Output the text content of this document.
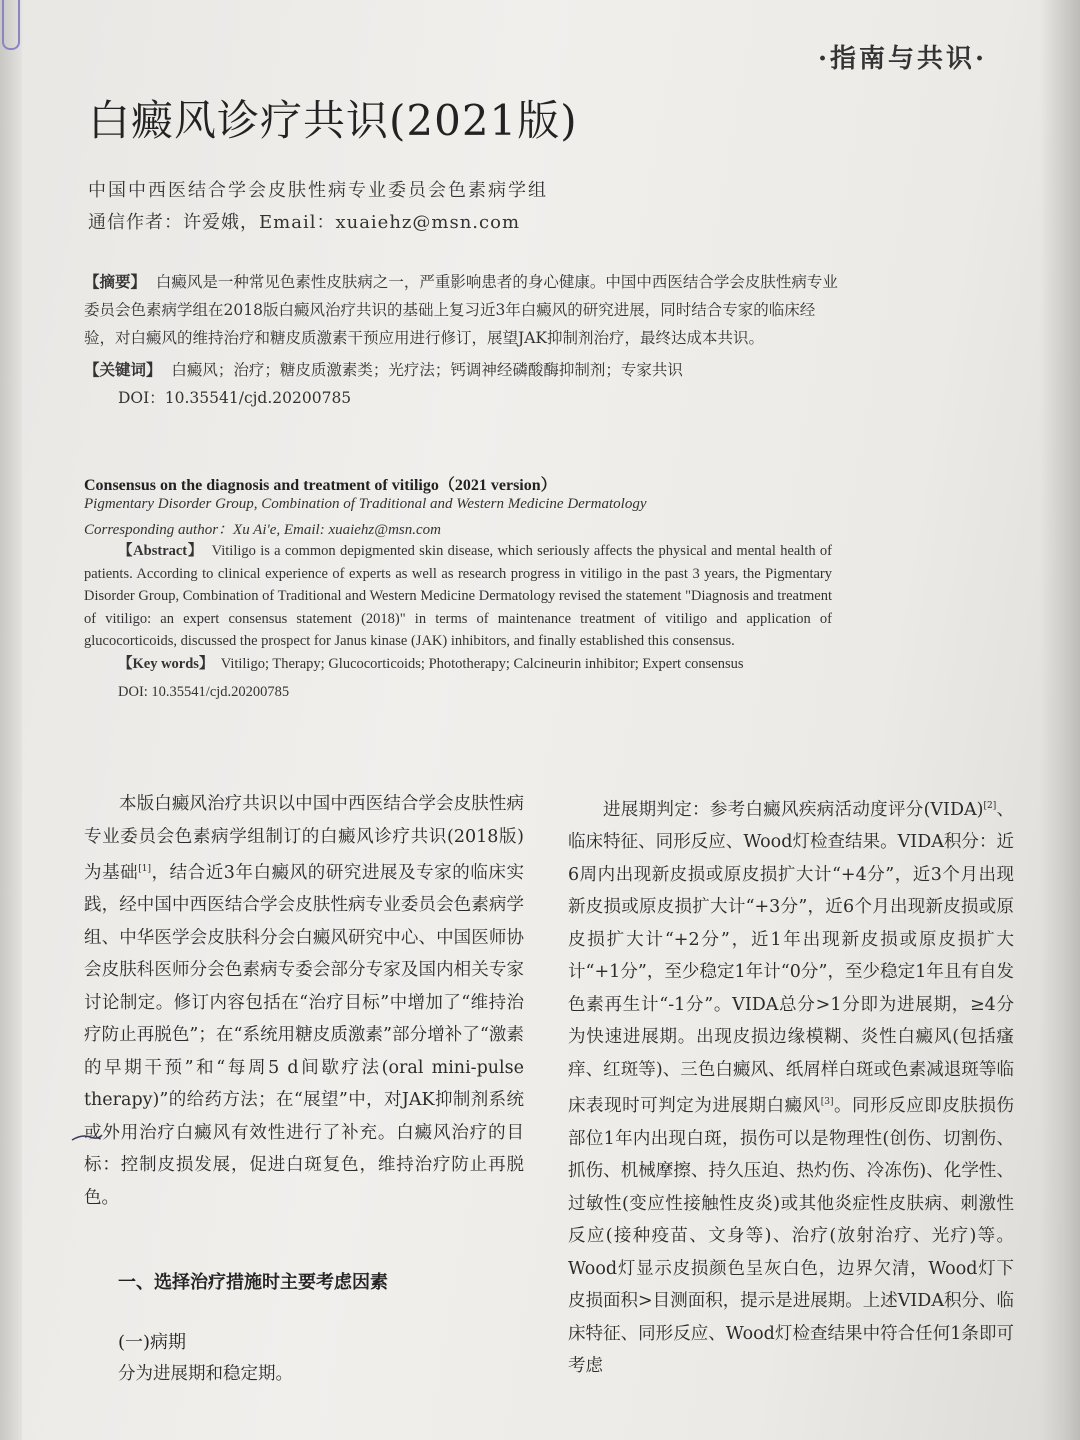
·指南与共识·
白癜风诊疗共识(2021版)
中国中西医结合学会皮肤性病专业委员会色素病学组
通信作者：许爱娥，Email：xuaiehz@msn.com

【摘要】 白癜风是一种常见色素性皮肤病之一，严重影响患者的身心健康。中国中西医结合学会皮肤性病专业委员会色素病学组在2018版白癜风治疗共识的基础上复习近3年白癜风的研究进展，同时结合专家的临床经验，对白癜风的维持治疗和糖皮质激素干预应用进行修订，展望JAK抑制剂治疗，最终达成本共识。

【关键词】 白癜风；治疗；糖皮质激素类；光疗法；钙调神经磷酸酶抑制剂；专家共识

DOI：10.35541/cjd.20200785

Consensus on the diagnosis and treatment of vitiligo（2021 version）
Pigmentary Disorder Group, Combination of Traditional and Western Medicine Dermatology
Corresponding author：Xu Ai'e, Email: xuaiehz@msn.com

【Abstract】 Vitiligo is a common depigmented skin disease, which seriously affects the physical and mental health of patients. According to clinical experience of experts as well as research progress in vitiligo in the past 3 years, the Pigmentary Disorder Group, Combination of Traditional and Western Medicine Dermatology revised the statement "Diagnosis and treatment of vitiligo: an expert consensus statement (2018)" in terms of maintenance treatment of vitiligo and application of glucocorticoids, discussed the prospect for Janus kinase (JAK) inhibitors, and finally established this consensus.

【Key words】 Vitiligo; Therapy; Glucocorticoids; Phototherapy; Calcineurin inhibitor; Expert consensus

DOI: 10.35541/cjd.20200785

本版白癜风治疗共识以中国中西医结合学会皮肤性病专业委员会色素病学组制订的白癜风诊疗共识(2018版)为基础[1]，结合近3年白癜风的研究进展及专家的临床实践，经中国中西医结合学会皮肤性病专业委员会色素病学组、中华医学会皮肤科分会白癜风研究中心、中国医师协会皮肤科医师分会色素病专委会部分专家及国内相关专家讨论制定。修订内容包括在“治疗目标”中增加了“维持治疗防止再脱色”；在“系统用糖皮质激素”部分增补了“激素的早期干预”和“每周5 d间歇疗法(oral mini-pulse therapy)”的给药方法；在“展望”中，对JAK抑制剂系统或外用治疗白癜风有效性进行了补充。白癜风治疗的目标：控制皮损发展，促进白斑复色，维持治疗防止再脱色。

一、选择治疗措施时主要考虑因素
(一)病期
分为进展期和稳定期。

进展期判定：参考白癜风疾病活动度评分(VIDA)[2]、临床特征、同形反应、Wood灯检查结果。VIDA积分：近6周内出现新皮损或原皮损扩大计“+4分”，近3个月出现新皮损或原皮损扩大计“+3分”，近6个月出现新皮损或原皮损扩大计“+2分”，近1年出现新皮损或原皮损扩大计“+1分”，至少稳定1年计“0分”，至少稳定1年且有自发色素再生计“-1分”。VIDA总分>1分即为进展期，≥4分为快速进展期。出现皮损边缘模糊、炎性白癜风(包括瘙痒、红斑等)、三色白癜风、纸屑样白斑或色素减退斑等临床表现时可判定为进展期白癜风[3]。同形反应即皮肤损伤部位1年内出现白斑，损伤可以是物理性(创伤、切割伤、抓伤、机械摩擦、持久压迫、热灼伤、冷冻伤)、化学性、过敏性(变应性接触性皮炎)或其他炎症性皮肤病、刺激性反应(接种疫苗、文身等)、治疗(放射治疗、光疗)等。Wood灯显示皮损颜色呈灰白色，边界欠清，Wood灯下皮损面积>目测面积，提示是进展期。上述VIDA积分、临床特征、同形反应、Wood灯检查结果中符合任何1条即可考虑
